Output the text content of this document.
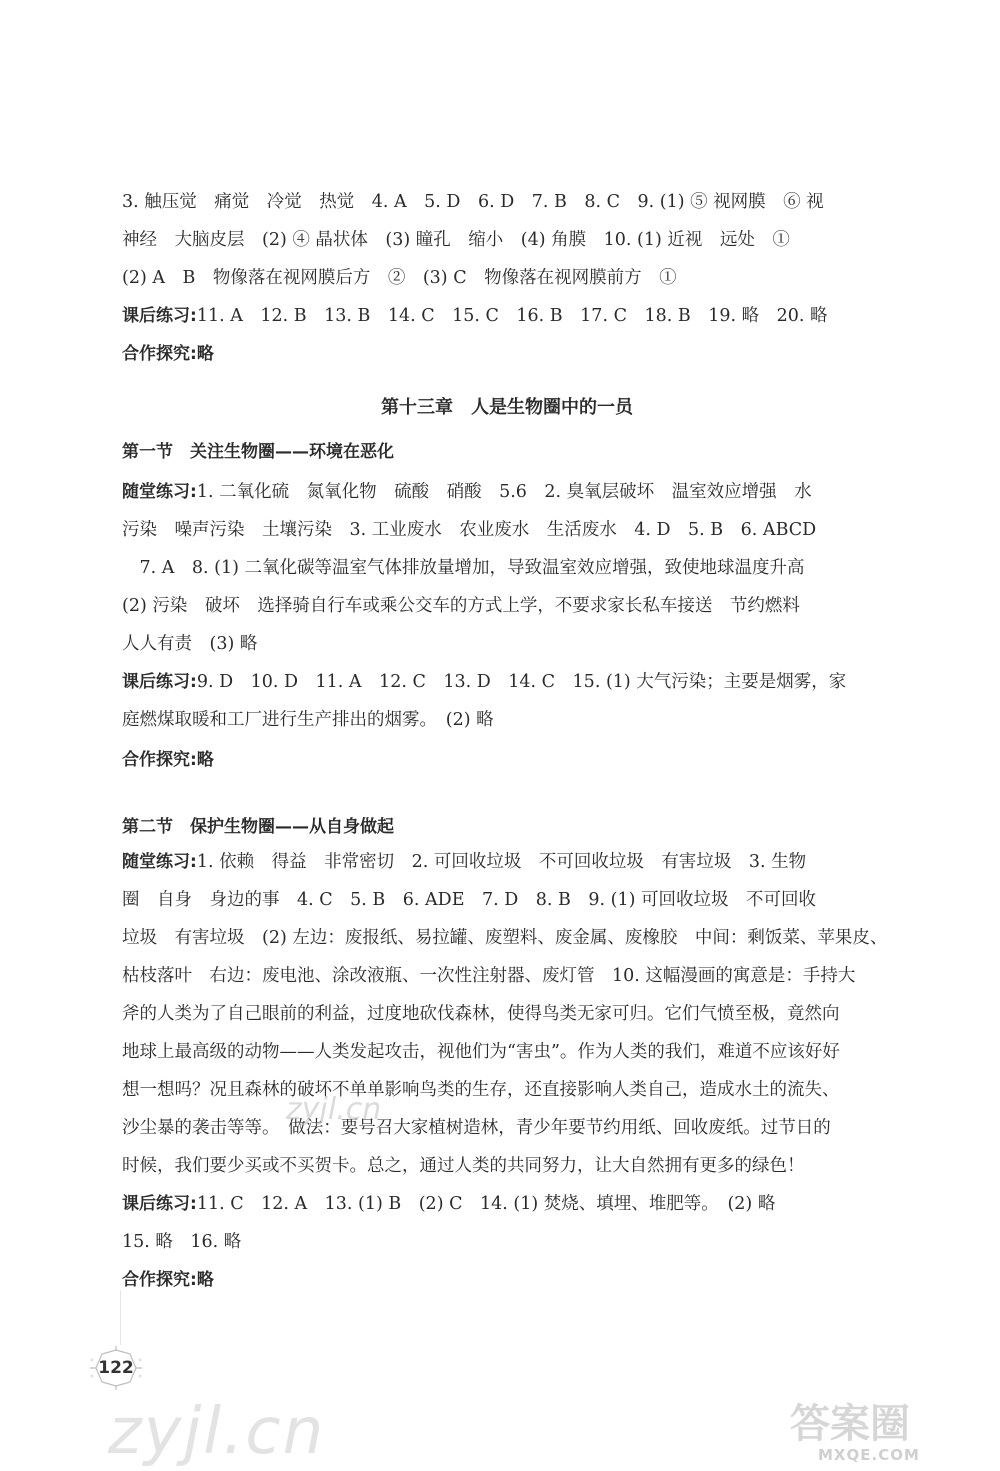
3. 触压觉　痛觉　冷觉　热觉　4. A　5. D　6. D　7. B　8. C　9. (1) ⑤ 视网膜　⑥ 视
神经　大脑皮层　(2) ④ 晶状体　(3) 瞳孔　缩小　(4) 角膜　10. (1) 近视　远处　①
(2) A　B　物像落在视网膜后方　②　(3) C　物像落在视网膜前方　①
课后练习:11. A　12. B　13. B　14. C　15. C　16. B　17. C　18. B　19. 略　20. 略
合作探究:略
第十三章　人是生物圈中的一员
第一节　关注生物圈——环境在恶化
随堂练习:1. 二氧化硫　氮氧化物　硫酸　硝酸　5.6　2. 臭氧层破坏　温室效应增强　水
污染　噪声污染　土壤污染　3. 工业废水　农业废水　生活废水　4. D　5. B　6. ABCD
　7. A　8. (1) 二氧化碳等温室气体排放量增加，导致温室效应增强，致使地球温度升高
(2) 污染　破坏　选择骑自行车或乘公交车的方式上学，不要求家长私车接送　节约燃料
人人有责　(3) 略
课后练习:9. D　10. D　11. A　12. C　13. D　14. C　15. (1) 大气污染；主要是烟雾，家
庭燃煤取暖和工厂进行生产排出的烟雾。　(2) 略
合作探究:略
第二节　保护生物圈——从自身做起
随堂练习:1. 依赖　得益　非常密切　2. 可回收垃圾　不可回收垃圾　有害垃圾　3. 生物
圈　自身　身边的事　4. C　5. B　6. ADE　7. D　8. B　9. (1) 可回收垃圾　不可回收
垃圾　有害垃圾　(2) 左边：废报纸、易拉罐、废塑料、废金属、废橡胶　中间：剩饭菜、苹果皮、
枯枝落叶　右边：废电池、涂改液瓶、一次性注射器、废灯管　10. 这幅漫画的寓意是：手持大
斧的人类为了自己眼前的利益，过度地砍伐森林，使得鸟类无家可归。它们气愤至极，竟然向
地球上最高级的动物——人类发起攻击，视他们为“害虫”。作为人类的我们，难道不应该好好
想一想吗？况且森林的破坏不单单影响鸟类的生存，还直接影响人类自己，造成水土的流失、
沙尘暴的袭击等等。　做法：要号召大家植树造林，青少年要节约用纸、回收废纸。过节日的
时候，我们要少买或不买贺卡。总之，通过人类的共同努力，让大自然拥有更多的绿色！
课后练习:11. C　12. A　13. (1) B　(2) C　14. (1) 焚烧、填埋、堆肥等。　(2) 略
15. 略　16. 略
合作探究:略
zyjl.cn
122
zyjl.cn	答案圈
MXQE.COM
